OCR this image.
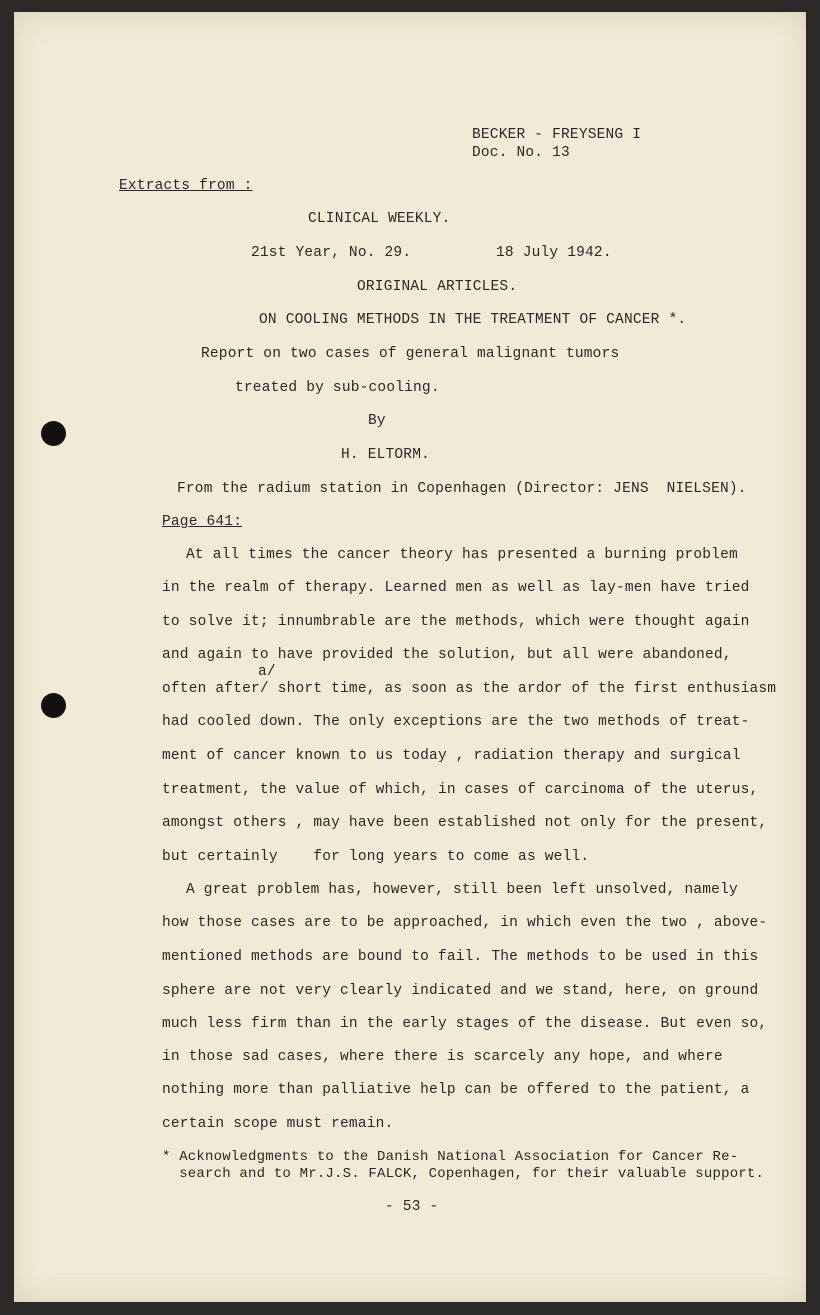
BECKER - FREYSENG I
Doc. No. 13
Extracts from :
CLINICAL WEEKLY.
21st Year, No. 29.	18 July 1942.
ORIGINAL ARTICLES.
ON COOLING METHODS IN THE TREATMENT OF CANCER *.
Report on two cases of general malignant tumors
treated by sub-cooling.
By
H. ELTORM.
From the radium station in Copenhagen (Director: JENS  NIELSEN).
Page 641:
At all times the cancer theory has presented a burning problem
in the realm of therapy. Learned men as well as lay-men have tried
to solve it; innumbrable are the methods, which were thought again
and again to have provided the solution, but all were abandoned,
a/
often after/ short time, as soon as the ardor of the first enthusiasm
had cooled down. The only exceptions are the two methods of treat-
ment of cancer known to us today , radiation therapy and surgical
treatment, the value of which, in cases of carcinoma of the uterus,
amongst others , may have been established not only for the present,
but certainly    for long years to come as well.
A great problem has, however, still been left unsolved, namely
how those cases are to be approached, in which even the two , above-
mentioned methods are bound to fail. The methods to be used in this
sphere are not very clearly indicated and we stand, here, on ground
much less firm than in the early stages of the disease. But even so,
in those sad cases, where there is scarcely any hope, and where
nothing more than palliative help can be offered to the patient, a
certain scope must remain.
* Acknowledgments to the Danish National Association for Cancer Re-
search and to Mr.J.S. FALCK, Copenhagen, for their valuable support.
- 53 -
